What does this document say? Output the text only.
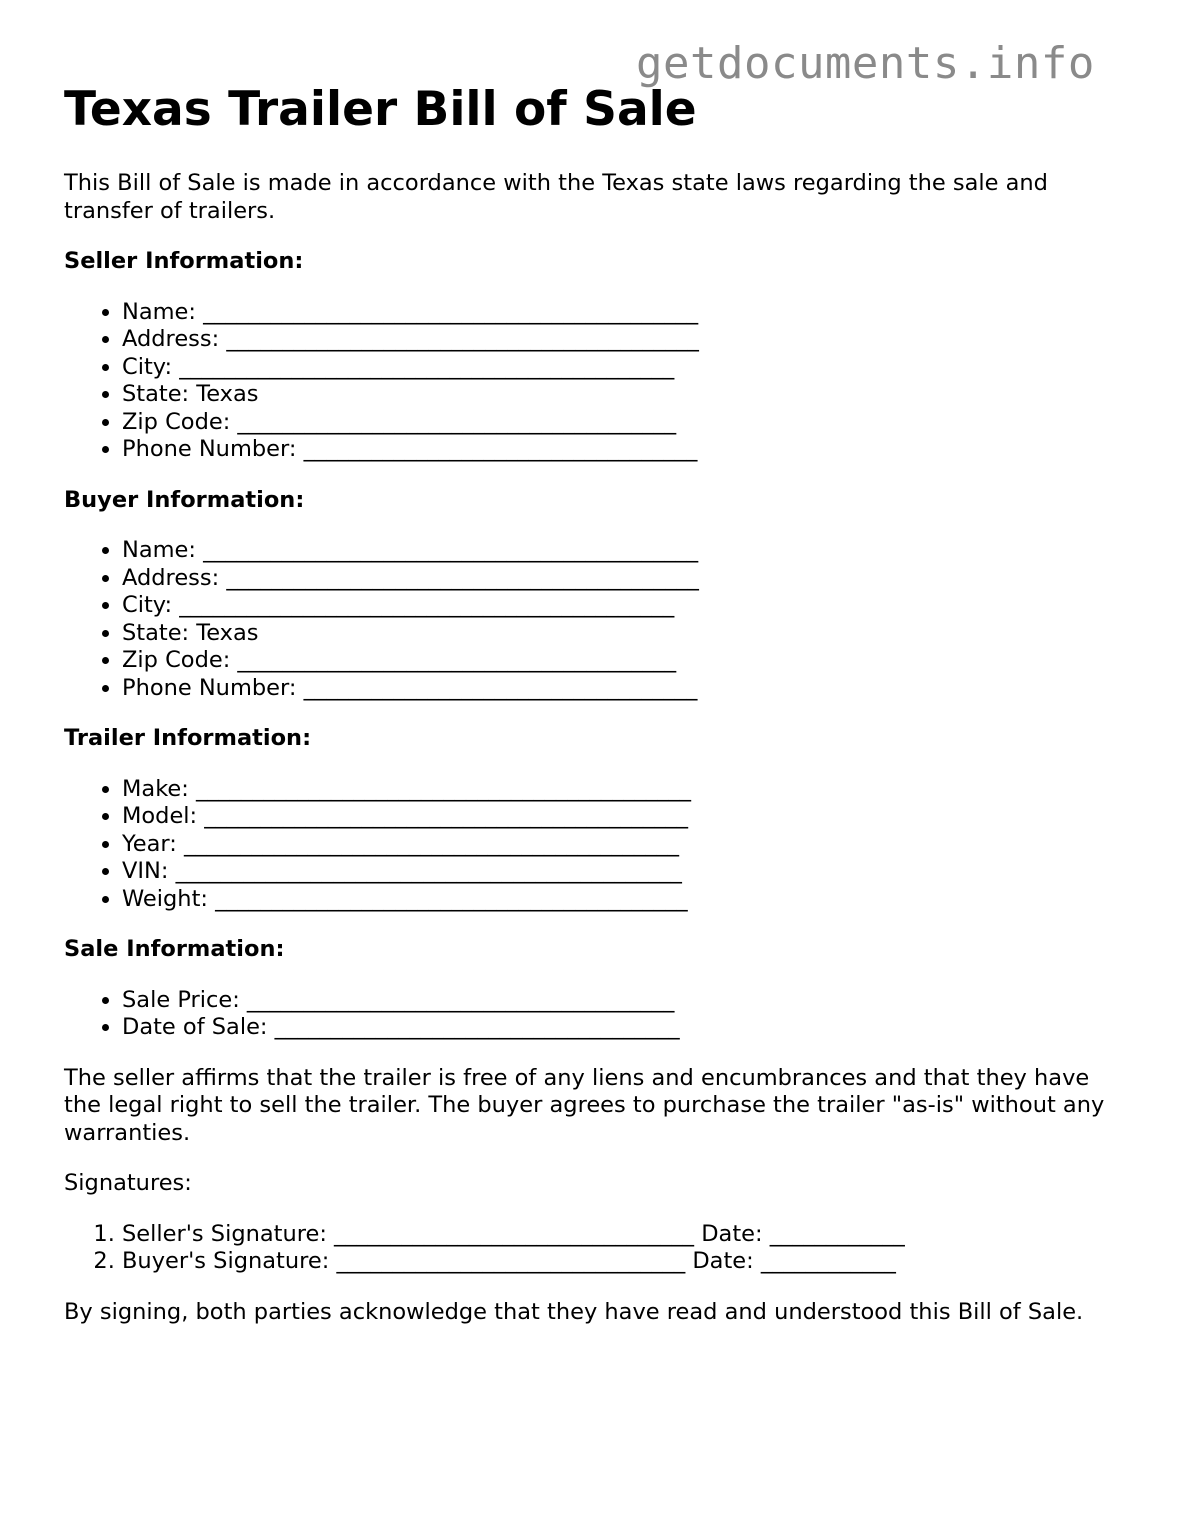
getdocuments.info
Texas Trailer Bill of Sale

This Bill of Sale is made in accordance with the Texas state laws regarding the sale and transfer of trailers.

Seller Information:

• Name: ____________________________________________
• Address: __________________________________________
• City: ____________________________________________
• State: Texas
• Zip Code: _______________________________________
• Phone Number: ___________________________________

Buyer Information:

• Name: ____________________________________________
• Address: __________________________________________
• City: ____________________________________________
• State: Texas
• Zip Code: _______________________________________
• Phone Number: ___________________________________

Trailer Information:

• Make: ____________________________________________
• Model: ___________________________________________
• Year: ____________________________________________
• VIN: _____________________________________________
• Weight: __________________________________________

Sale Information:

• Sale Price: ______________________________________
• Date of Sale: ____________________________________

The seller affirms that the trailer is free of any liens and encumbrances and that they have the legal right to sell the trailer. The buyer agrees to purchase the trailer "as-is" without any warranties.

Signatures:

1. Seller's Signature: ________________________________ Date: ____________
2. Buyer's Signature: _______________________________ Date: ____________

By signing, both parties acknowledge that they have read and understood this Bill of Sale.
